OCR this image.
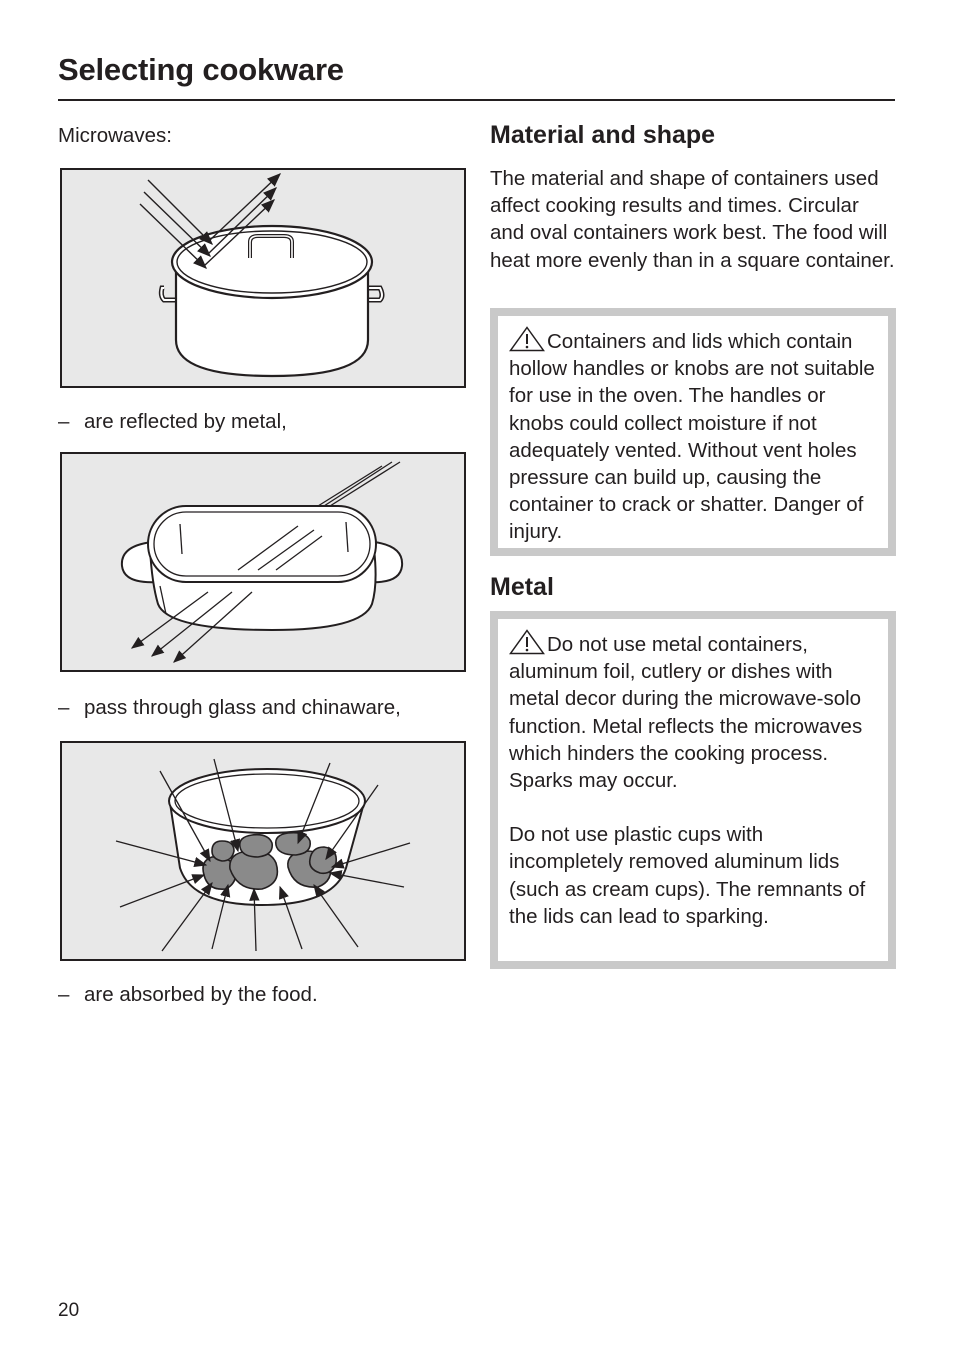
Selecting cookware
Microwaves:
– are reflected by metal,
– pass through glass and chinaware,
– are absorbed by the food.
Material and shape
The material and shape of containers used affect cooking results and times. Circular and oval containers work best. The food will heat more evenly than in a square container.

Containers and lids which contain hollow handles or knobs are not suitable for use in the oven. The handles or knobs could collect moisture if not adequately vented. Without vent holes pressure can build up, causing the container to crack or shatter. Danger of injury.

Metal

Do not use metal containers, aluminum foil, cutlery or dishes with metal decor during the microwave-solo function. Metal reflects the microwaves which hinders the cooking process. Sparks may occur.

Do not use plastic cups with incompletely removed aluminum lids (such as cream cups). The remnants of the lids can lead to sparking.

20
